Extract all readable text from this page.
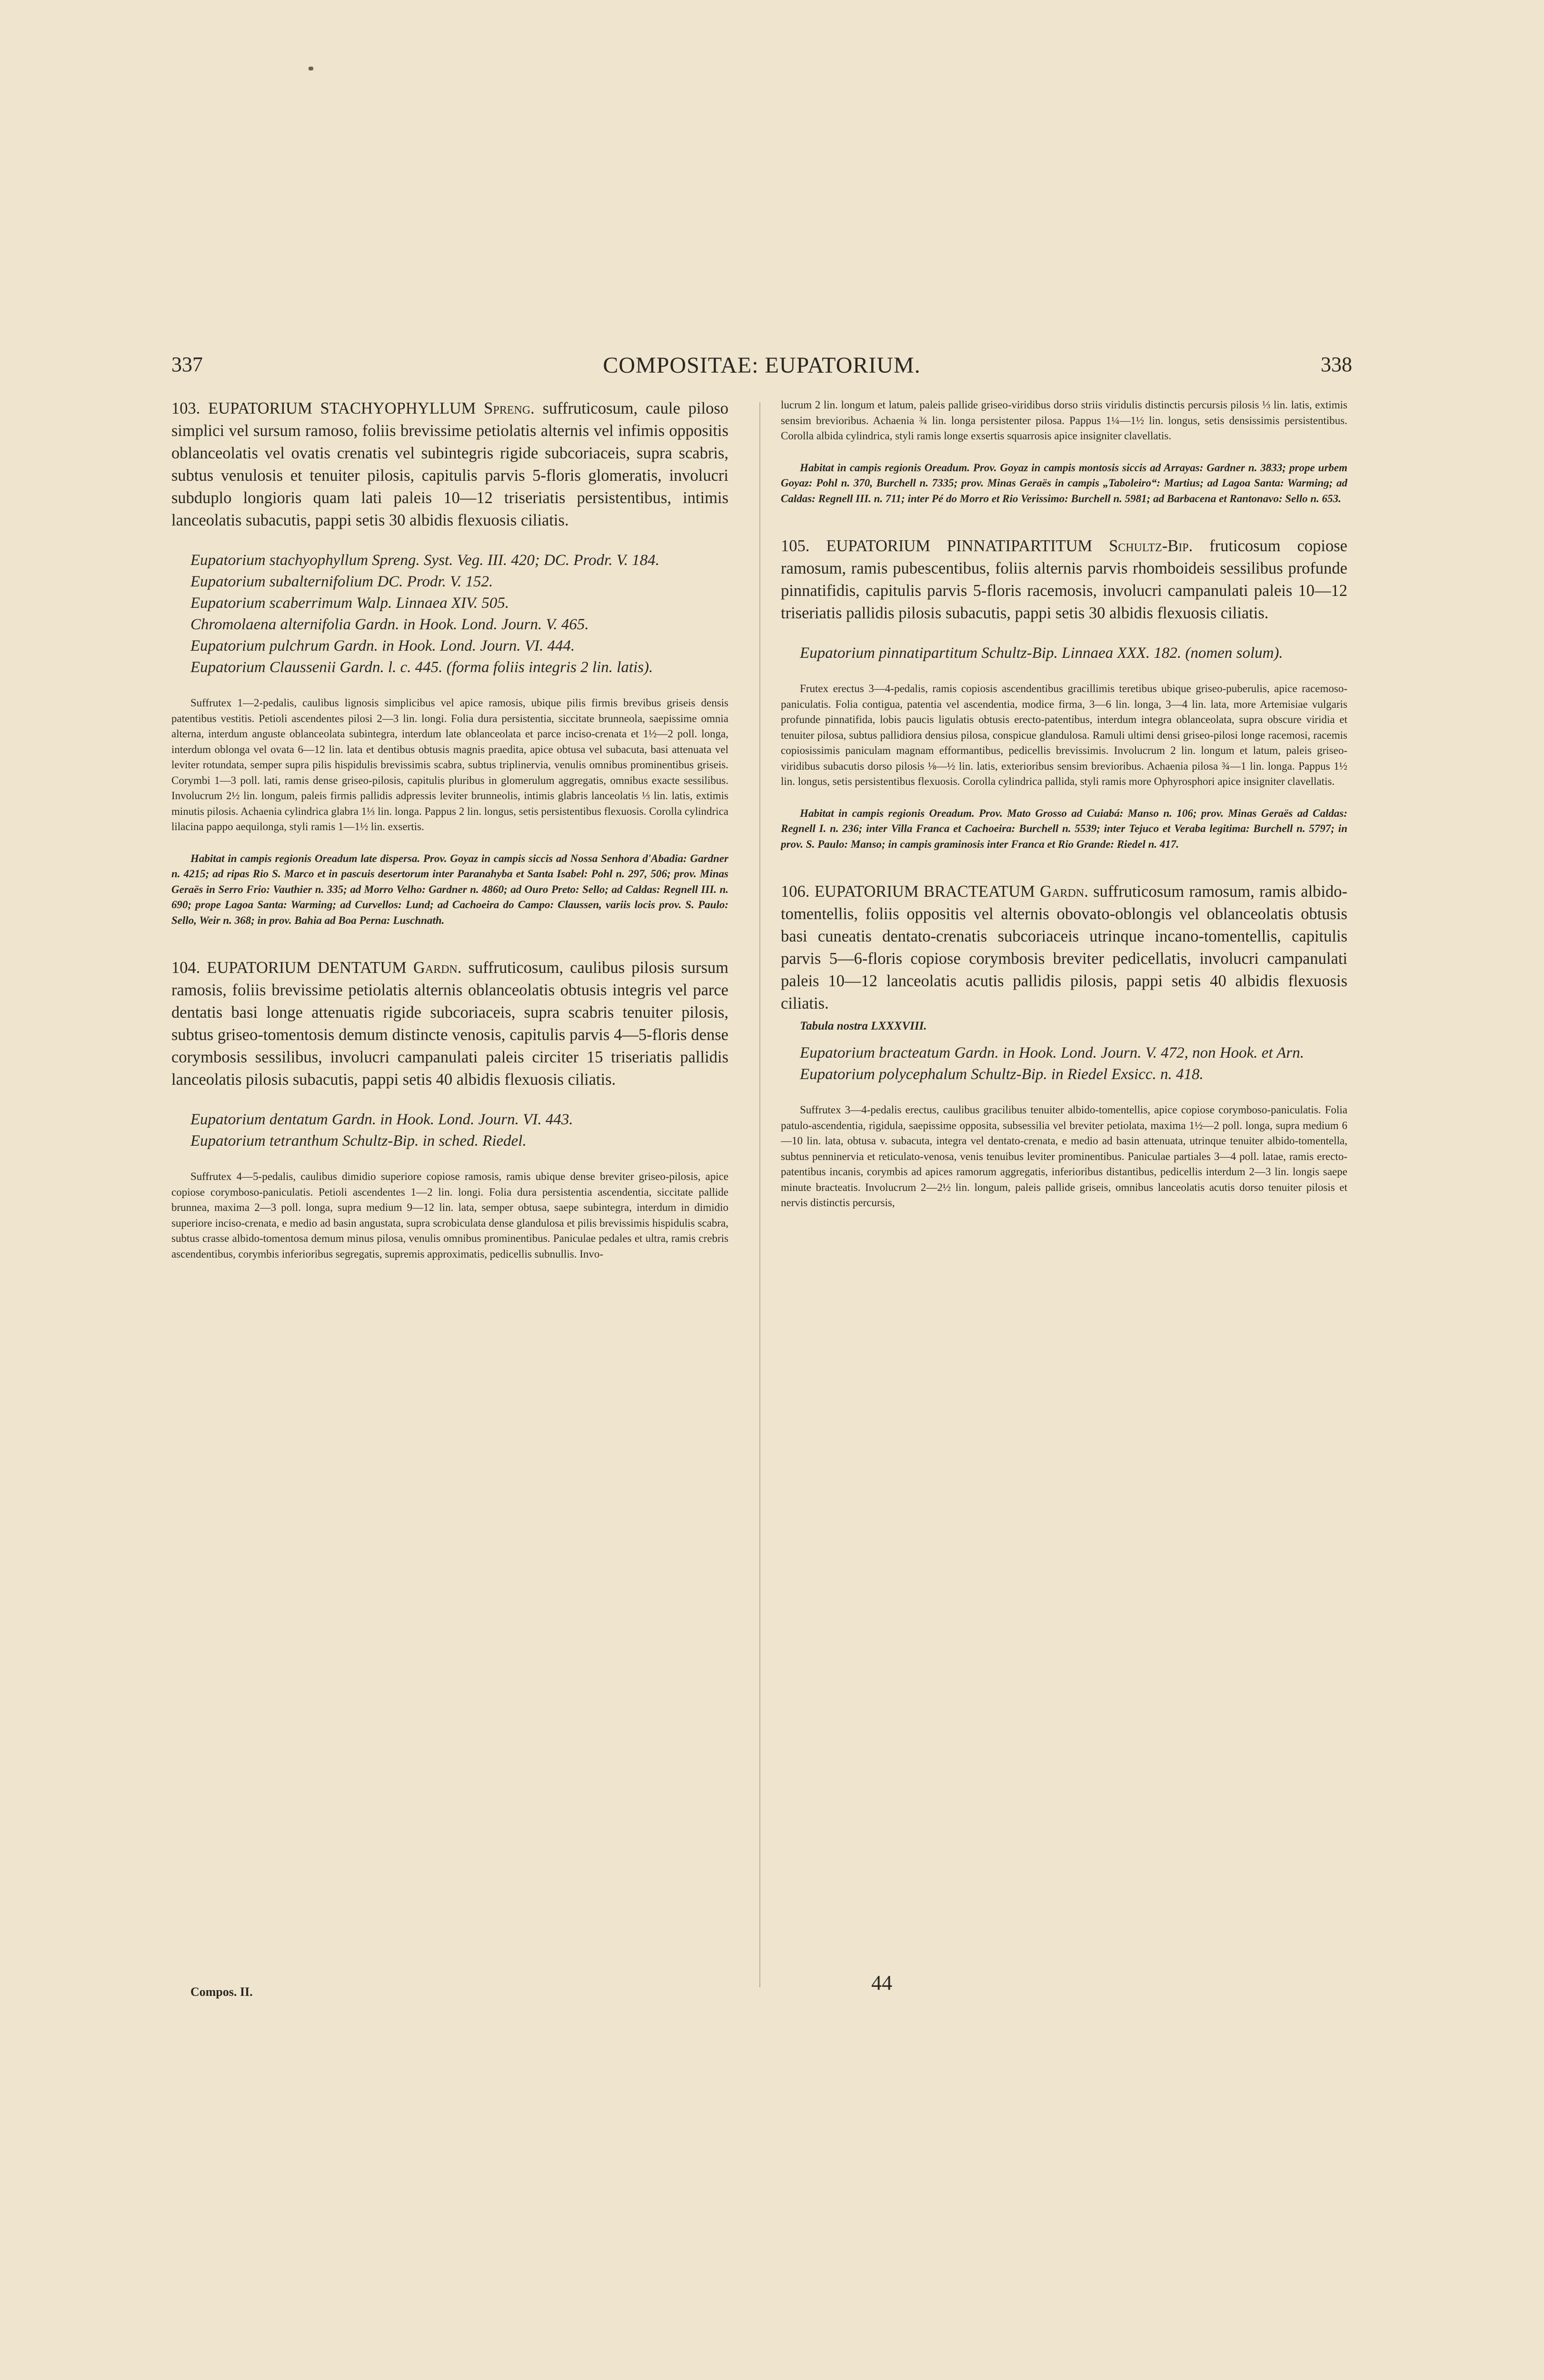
337	COMPOSITAE: EUPATORIUM.	338

103. EUPATORIUM STACHYOPHYLLUM Spreng. suffruticosum, caule piloso simplici vel sursum ramoso, foliis brevissime petiolatis alternis vel infimis oppositis oblanceolatis vel ovatis crenatis vel subintegris rigide subcoriaceis, supra scabris, subtus venulosis et tenuiter pilosis, capitulis parvis 5-floris glomeratis, involucri subduplo longioris quam lati paleis 10—12 triseriatis persistentibus, intimis lanceolatis subacutis, pappi setis 30 albidis flexuosis ciliatis.

Eupatorium stachyophyllum Spreng. Syst. Veg. III. 420; DC. Prodr. V. 184.
Eupatorium subalternifolium DC. Prodr. V. 152.
Eupatorium scaberrimum Walp. Linnaea XIV. 505.
Chromolaena alternifolia Gardn. in Hook. Lond. Journ. V. 465.
Eupatorium pulchrum Gardn. in Hook. Lond. Journ. VI. 444.
Eupatorium Claussenii Gardn. l. c. 445. (forma foliis integris 2 lin. latis).

Suffrutex 1—2-pedalis, caulibus lignosis simplicibus vel apice ramosis, ubique pilis firmis brevibus griseis densis patentibus vestitis. Petioli ascendentes pilosi 2—3 lin. longi. Folia dura persistentia, siccitate brunneola, saepissime omnia alterna, interdum anguste oblanceolata subintegra, interdum late oblanceolata et parce inciso-crenata et 1½—2 poll. longa, interdum oblonga vel ovata 6—12 lin. lata et dentibus obtusis magnis praedita, apice obtusa vel subacuta, basi attenuata vel leviter rotundata, semper supra pilis hispidulis brevissimis scabra, subtus triplinervia, venulis omnibus prominentibus griseis. Corymbi 1—3 poll. lati, ramis dense griseo-pilosis, capitulis pluribus in glomerulum aggregatis, omnibus exacte sessilibus. Involucrum 2½ lin. longum, paleis firmis pallidis adpressis leviter brunneolis, intimis glabris lanceolatis ⅓ lin. latis, extimis minutis pilosis. Achaenia cylindrica glabra 1⅓ lin. longa. Pappus 2 lin. longus, setis persistentibus flexuosis. Corolla cylindrica lilacina pappo aequilonga, styli ramis 1—1½ lin. exsertis.

Habitat in campis regionis Oreadum late dispersa. Prov. Goyaz in campis siccis ad Nossa Senhora d'Abadia: Gardner n. 4215; ad ripas Rio S. Marco et in pascuis desertorum inter Paranahyba et Santa Isabel: Pohl n. 297, 506; prov. Minas Geraës in Serro Frio: Vauthier n. 335; ad Morro Velho: Gardner n. 4860; ad Ouro Preto: Sello; ad Caldas: Regnell III. n. 690; prope Lagoa Santa: Warming; ad Curvellos: Lund; ad Cachoeira do Campo: Claussen, variis locis prov. S. Paulo: Sello, Weir n. 368; in prov. Bahia ad Boa Perna: Luschnath.

104. EUPATORIUM DENTATUM Gardn. suffruticosum, caulibus pilosis sursum ramosis, foliis brevissime petiolatis alternis oblanceolatis obtusis integris vel parce dentatis basi longe attenuatis rigide subcoriaceis, supra scabris tenuiter pilosis, subtus griseo-tomentosis demum distincte venosis, capitulis parvis 4—5-floris dense corymbosis sessilibus, involucri campanulati paleis circiter 15 triseriatis pallidis lanceolatis pilosis subacutis, pappi setis 40 albidis flexuosis ciliatis.

Eupatorium dentatum Gardn. in Hook. Lond. Journ. VI. 443.
Eupatorium tetranthum Schultz-Bip. in sched. Riedel.

Suffrutex 4—5-pedalis, caulibus dimidio superiore copiose ramosis, ramis ubique dense breviter griseo-pilosis, apice copiose corymboso-paniculatis. Petioli ascendentes 1—2 lin. longi. Folia dura persistentia ascendentia, siccitate pallide brunnea, maxima 2—3 poll. longa, supra medium 9—12 lin. lata, semper obtusa, saepe subintegra, interdum in dimidio superiore inciso-crenata, e medio ad basin angustata, supra scrobiculata dense glandulosa et pilis brevissimis hispidulis scabra, subtus crasse albido-tomentosa demum minus pilosa, venulis omnibus prominentibus. Paniculae pedales et ultra, ramis crebris ascendentibus, corymbis inferioribus segregatis, supremis approximatis, pedicellis subnullis. Invo-

lucrum 2 lin. longum et latum, paleis pallide griseo-viridibus dorso striis viridulis distinctis percursis pilosis ⅓ lin. latis, extimis sensim brevioribus. Achaenia ¾ lin. longa persistenter pilosa. Pappus 1¼—1½ lin. longus, setis densissimis persistentibus. Corolla albida cylindrica, styli ramis longe exsertis squarrosis apice insigniter clavellatis.

Habitat in campis regionis Oreadum. Prov. Goyaz in campis montosis siccis ad Arrayas: Gardner n. 3833; prope urbem Goyaz: Pohl n. 370, Burchell n. 7335; prov. Minas Geraës in campis „Taboleiro“: Martius; ad Lagoa Santa: Warming; ad Caldas: Regnell III. n. 711; inter Pé do Morro et Rio Verissimo: Burchell n. 5981; ad Barbacena et Rantonavo: Sello n. 653.

105. EUPATORIUM PINNATIPARTITUM Schultz-Bip. fruticosum copiose ramosum, ramis pubescentibus, foliis alternis parvis rhomboideis sessilibus profunde pinnatifidis, capitulis parvis 5-floris racemosis, involucri campanulati paleis 10—12 triseriatis pallidis pilosis subacutis, pappi setis 30 albidis flexuosis ciliatis.

Eupatorium pinnatipartitum Schultz-Bip. Linnaea XXX. 182. (nomen solum).

Frutex erectus 3—4-pedalis, ramis copiosis ascendentibus gracillimis teretibus ubique griseo-puberulis, apice racemoso-paniculatis. Folia contigua, patentia vel ascendentia, modice firma, 3—6 lin. longa, 3—4 lin. lata, more Artemisiae vulgaris profunde pinnatifida, lobis paucis ligulatis obtusis erecto-patentibus, interdum integra oblanceolata, supra obscure viridia et tenuiter pilosa, subtus pallidiora densius pilosa, conspicue glandulosa. Ramuli ultimi densi griseo-pilosi longe racemosi, racemis copiosissimis paniculam magnam efformantibus, pedicellis brevissimis. Involucrum 2 lin. longum et latum, paleis griseo-viridibus subacutis dorso pilosis ⅛—½ lin. latis, exterioribus sensim brevioribus. Achaenia pilosa ¾—1 lin. longa. Pappus 1½ lin. longus, setis persistentibus flexuosis. Corolla cylindrica pallida, styli ramis more Ophyrosphori apice insigniter clavellatis.

Habitat in campis regionis Oreadum. Prov. Mato Grosso ad Cuiabá: Manso n. 106; prov. Minas Geraës ad Caldas: Regnell I. n. 236; inter Villa Franca et Cachoeira: Burchell n. 5539; inter Tejuco et Veraba legitima: Burchell n. 5797; in prov. S. Paulo: Manso; in campis graminosis inter Franca et Rio Grande: Riedel n. 417.

106. EUPATORIUM BRACTEATUM Gardn. suffruticosum ramosum, ramis albido-tomentellis, foliis oppositis vel alternis obovato-oblongis vel oblanceolatis obtusis basi cuneatis dentato-crenatis subcoriaceis utrinque incano-tomentellis, capitulis parvis 5—6-floris copiose corymbosis breviter pedicellatis, involucri campanulati paleis 10—12 lanceolatis acutis pallidis pilosis, pappi setis 40 albidis flexuosis ciliatis.

Tabula nostra LXXXVIII.
Eupatorium bracteatum Gardn. in Hook. Lond. Journ. V. 472, non Hook. et Arn.
Eupatorium polycephalum Schultz-Bip. in Riedel Exsicc. n. 418.

Suffrutex 3—4-pedalis erectus, caulibus gracilibus tenuiter albido-tomentellis, apice copiose corymboso-paniculatis. Folia patulo-ascendentia, rigidula, saepissime opposita, subsessilia vel breviter petiolata, maxima 1½—2 poll. longa, supra medium 6—10 lin. lata, obtusa v. subacuta, integra vel dentato-crenata, e medio ad basin attenuata, utrinque tenuiter albido-tomentella, subtus penninervia et reticulato-venosa, venis tenuibus leviter prominentibus. Paniculae partiales 3—4 poll. latae, ramis erecto-patentibus incanis, corymbis ad apices ramorum aggregatis, inferioribus distantibus, pedicellis interdum 2—3 lin. longis saepe minute bracteatis. Involucrum 2—2½ lin. longum, paleis pallide griseis, omnibus lanceolatis acutis dorso tenuiter pilosis et nervis distinctis percursis,

Compos. II.	44
